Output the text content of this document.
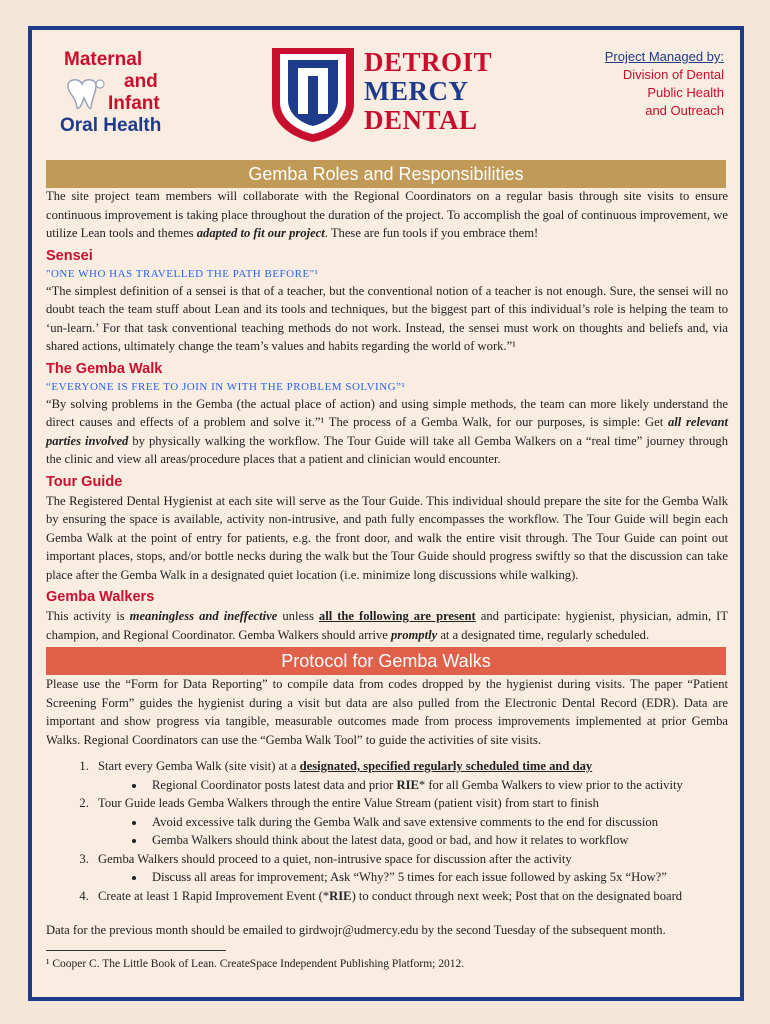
Maternal
and
Infant
Oral Health
DETROIT
MERCY
DENTAL
Project Managed by:
Division of Dental
Public Health
and Outreach
Gemba Roles and Responsibilities

The site project team members will collaborate with the Regional Coordinators on a regular basis through site visits to ensure continuous improvement is taking place throughout the duration of the project. To accomplish the goal of continuous improvement, we utilize Lean tools and themes adapted to fit our project. These are fun tools if you embrace them!

Sensei

"ONE WHO HAS TRAVELLED THE PATH BEFORE"¹

“The simplest definition of a sensei is that of a teacher, but the conventional notion of a teacher is not enough. Sure, the sensei will no doubt teach the team stuff about Lean and its tools and techniques, but the biggest part of this individual’s role is helping the team to ‘un-learn.’ For that task conventional teaching methods do not work. Instead, the sensei must work on thoughts and beliefs and, via shared actions, ultimately change the team’s values and habits regarding the world of work.”¹

The Gemba Walk

“EVERYONE IS FREE TO JOIN IN WITH THE PROBLEM SOLVING”¹

“By solving problems in the Gemba (the actual place of action) and using simple methods, the team can more likely understand the direct causes and effects of a problem and solve it.”¹ The process of a Gemba Walk, for our purposes, is simple: Get all relevant parties involved by physically walking the workflow. The Tour Guide will take all Gemba Walkers on a “real time” journey through the clinic and view all areas/procedure places that a patient and clinician would encounter.

Tour Guide

The Registered Dental Hygienist at each site will serve as the Tour Guide. This individual should prepare the site for the Gemba Walk by ensuring the space is available, activity non-intrusive, and path fully encompasses the workflow. The Tour Guide will begin each Gemba Walk at the point of entry for patients, e.g. the front door, and walk the entire visit through. The Tour Guide can point out important places, stops, and/or bottle necks during the walk but the Tour Guide should progress swiftly so that the discussion can take place after the Gemba Walk in a designated quiet location (i.e. minimize long discussions while walking).

Gemba Walkers

This activity is meaningless and ineffective unless all the following are present and participate: hygienist, physician, admin, IT champion, and Regional Coordinator. Gemba Walkers should arrive promptly at a designated time, regularly scheduled.

Protocol for Gemba Walks

Please use the “Form for Data Reporting” to compile data from codes dropped by the hygienist during visits. The paper “Patient Screening Form” guides the hygienist during a visit but data are also pulled from the Electronic Dental Record (EDR). Data are important and show progress via tangible, measurable outcomes made from process improvements implemented at prior Gemba Walks. Regional Coordinators can use the “Gemba Walk Tool” to guide the activities of site visits.

1. Start every Gemba Walk (site visit) at a designated, specified regularly scheduled time and day
• Regional Coordinator posts latest data and prior RIE* for all Gemba Walkers to view prior to the activity
2. Tour Guide leads Gemba Walkers through the entire Value Stream (patient visit) from start to finish
• Avoid excessive talk during the Gemba Walk and save extensive comments to the end for discussion
• Gemba Walkers should think about the latest data, good or bad, and how it relates to workflow
3. Gemba Walkers should proceed to a quiet, non-intrusive space for discussion after the activity
• Discuss all areas for improvement; Ask “Why?” 5 times for each issue followed by asking 5x “How?”
4. Create at least 1 Rapid Improvement Event (*RIE) to conduct through next week; Post that on the designated board

Data for the previous month should be emailed to girdwojr@udmercy.edu by the second Tuesday of the subsequent month.

¹ Cooper C. The Little Book of Lean. CreateSpace Independent Publishing Platform; 2012.
